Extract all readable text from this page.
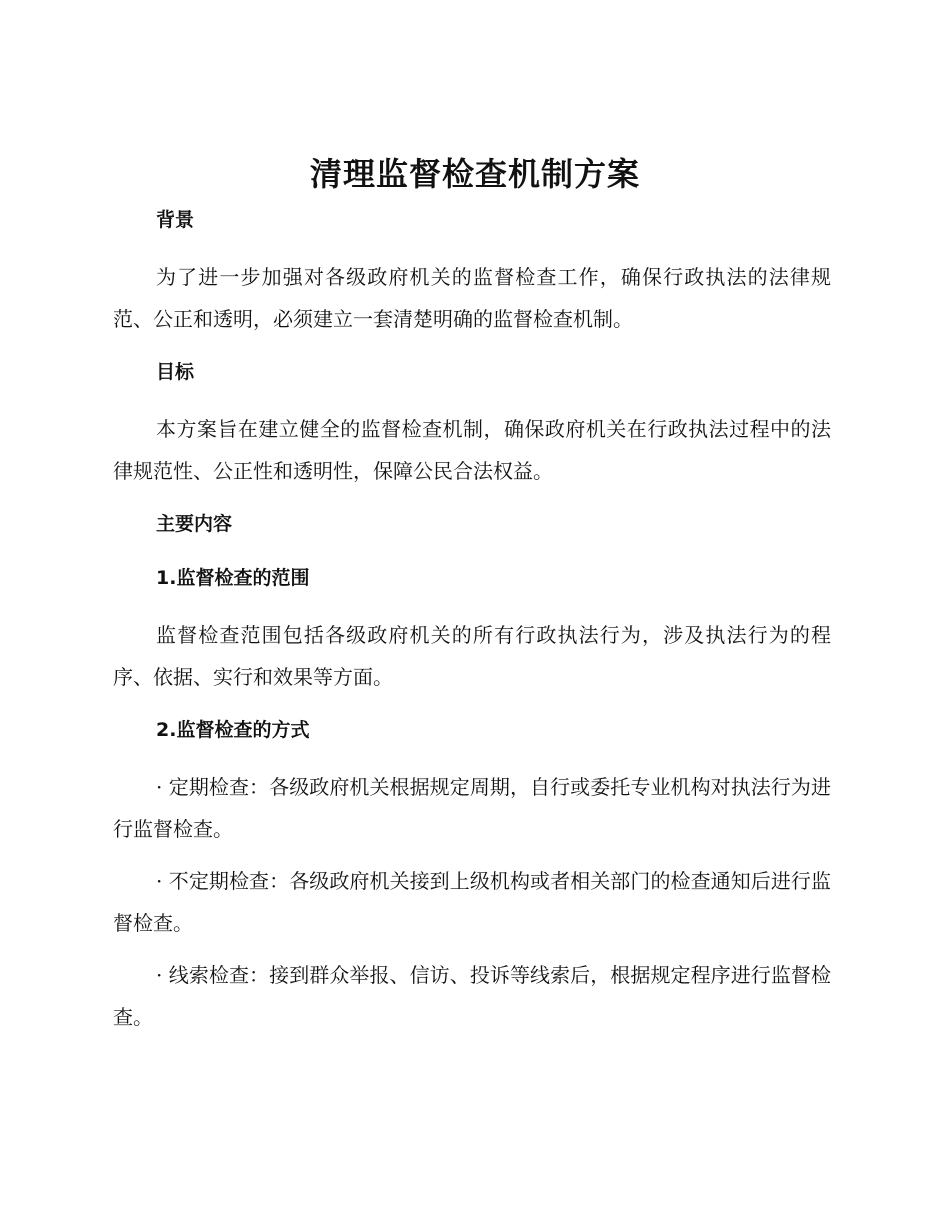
清理监督检查机制方案
背景

为了进一步加强对各级政府机关的监督检查工作，确保行政执法的法律规范、公正和透明，必须建立一套清楚明确的监督检查机制。

目标

本方案旨在建立健全的监督检查机制，确保政府机关在行政执法过程中的法律规范性、公正性和透明性，保障公民合法权益。

主要内容
1.监督检查的范围

监督检查范围包括各级政府机关的所有行政执法行为，涉及执法行为的程序、依据、实行和效果等方面。

2.监督检查的方式

· 定期检查：各级政府机关根据规定周期，自行或委托专业机构对执法行为进行监督检查。

· 不定期检查：各级政府机关接到上级机构或者相关部门的检查通知后进行监督检查。

· 线索检查：接到群众举报、信访、投诉等线索后，根据规定程序进行监督检查。
